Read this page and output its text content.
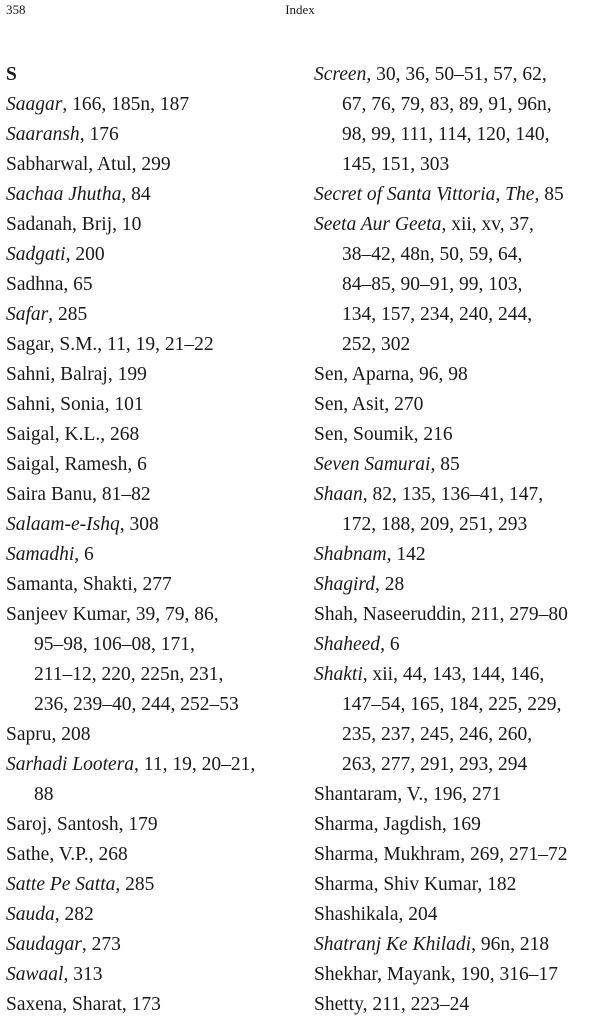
358	Index
S
Saagar, 166, 185n, 187
Saaransh, 176
Sabharwal, Atul, 299
Sachaa Jhutha, 84
Sadanah, Brij, 10
Sadgati, 200
Sadhna, 65
Safar, 285
Sagar, S.M., 11, 19, 21–22
Sahni, Balraj, 199
Sahni, Sonia, 101
Saigal, K.L., 268
Saigal, Ramesh, 6
Saira Banu, 81–82
Salaam-e-Ishq, 308
Samadhi, 6
Samanta, Shakti, 277
Sanjeev Kumar, 39, 79, 86,
95–98, 106–08, 171,
211–12, 220, 225n, 231,
236, 239–40, 244, 252–53
Sapru, 208
Sarhadi Lootera, 11, 19, 20–21,
88
Saroj, Santosh, 179
Sathe, V.P., 268
Satte Pe Satta, 285
Sauda, 282
Saudagar, 273
Sawaal, 313
Saxena, Sharat, 173
Screen, 30, 36, 50–51, 57, 62,
67, 76, 79, 83, 89, 91, 96n,
98, 99, 111, 114, 120, 140,
145, 151, 303
Secret of Santa Vittoria, The, 85
Seeta Aur Geeta, xii, xv, 37,
38–42, 48n, 50, 59, 64,
84–85, 90–91, 99, 103,
134, 157, 234, 240, 244,
252, 302
Sen, Aparna, 96, 98
Sen, Asit, 270
Sen, Soumik, 216
Seven Samurai, 85
Shaan, 82, 135, 136–41, 147,
172, 188, 209, 251, 293
Shabnam, 142
Shagird, 28
Shah, Naseeruddin, 211, 279–80
Shaheed, 6
Shakti, xii, 44, 143, 144, 146,
147–54, 165, 184, 225, 229,
235, 237, 245, 246, 260,
263, 277, 291, 293, 294
Shantaram, V., 196, 271
Sharma, Jagdish, 169
Sharma, Mukhram, 269, 271–72
Sharma, Shiv Kumar, 182
Shashikala, 204
Shatranj Ke Khiladi, 96n, 218
Shekhar, Mayank, 190, 316–17
Shetty, 211, 223–24
